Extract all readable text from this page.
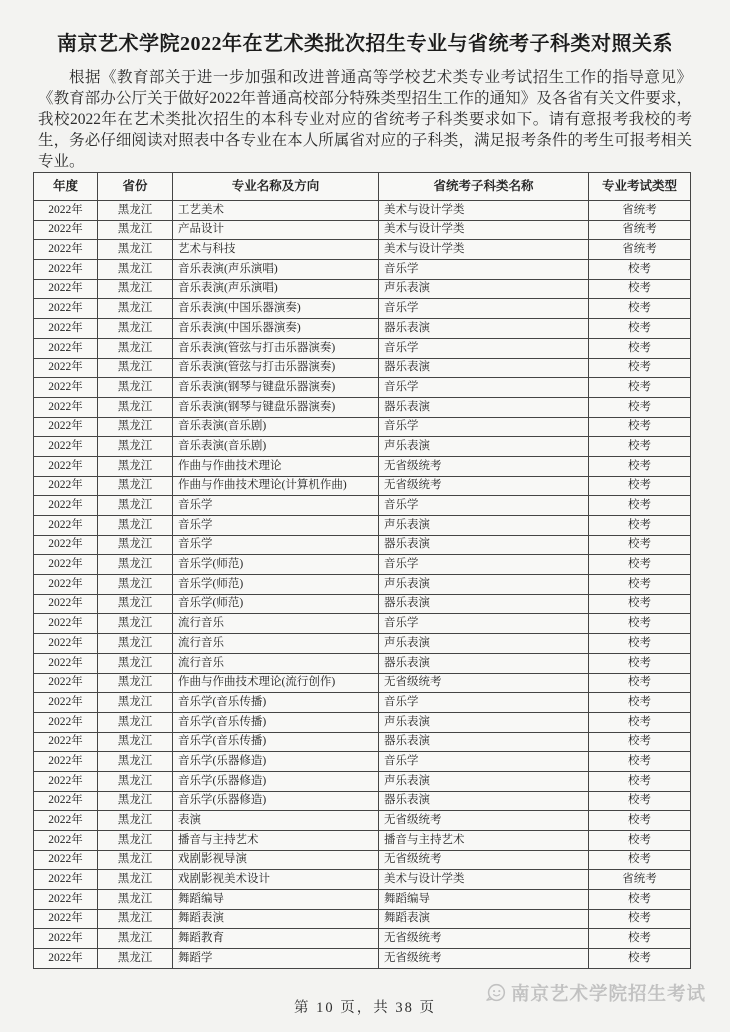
南京艺术学院2022年在艺术类批次招生专业与省统考子科类对照关系

根据《教育部关于进一步加强和改进普通高等学校艺术类专业考试招生工作的指导意见》《教育部办公厅关于做好2022年普通高校部分特殊类型招生工作的通知》及各省有关文件要求，我校2022年在艺术类批次招生的本科专业对应的省统考子科类要求如下。请有意报考我校的考生，务必仔细阅读对照表中各专业在本人所属省对应的子科类，满足报考条件的考生可报考相关专业。

年度	省份	专业名称及方向	省统考子科类名称	专业考试类型
2022年	黑龙江	工艺美术	美术与设计学类	省统考
2022年	黑龙江	产品设计	美术与设计学类	省统考
2022年	黑龙江	艺术与科技	美术与设计学类	省统考
2022年	黑龙江	音乐表演(声乐演唱)	音乐学	校考
2022年	黑龙江	音乐表演(声乐演唱)	声乐表演	校考
2022年	黑龙江	音乐表演(中国乐器演奏)	音乐学	校考
2022年	黑龙江	音乐表演(中国乐器演奏)	器乐表演	校考
2022年	黑龙江	音乐表演(管弦与打击乐器演奏)	音乐学	校考
2022年	黑龙江	音乐表演(管弦与打击乐器演奏)	器乐表演	校考
2022年	黑龙江	音乐表演(钢琴与键盘乐器演奏)	音乐学	校考
2022年	黑龙江	音乐表演(钢琴与键盘乐器演奏)	器乐表演	校考
2022年	黑龙江	音乐表演(音乐剧)	音乐学	校考
2022年	黑龙江	音乐表演(音乐剧)	声乐表演	校考
2022年	黑龙江	作曲与作曲技术理论	无省级统考	校考
2022年	黑龙江	作曲与作曲技术理论(计算机作曲)	无省级统考	校考
2022年	黑龙江	音乐学	音乐学	校考
2022年	黑龙江	音乐学	声乐表演	校考
2022年	黑龙江	音乐学	器乐表演	校考
2022年	黑龙江	音乐学(师范)	音乐学	校考
2022年	黑龙江	音乐学(师范)	声乐表演	校考
2022年	黑龙江	音乐学(师范)	器乐表演	校考
2022年	黑龙江	流行音乐	音乐学	校考
2022年	黑龙江	流行音乐	声乐表演	校考
2022年	黑龙江	流行音乐	器乐表演	校考
2022年	黑龙江	作曲与作曲技术理论(流行创作)	无省级统考	校考
2022年	黑龙江	音乐学(音乐传播)	音乐学	校考
2022年	黑龙江	音乐学(音乐传播)	声乐表演	校考
2022年	黑龙江	音乐学(音乐传播)	器乐表演	校考
2022年	黑龙江	音乐学(乐器修造)	音乐学	校考
2022年	黑龙江	音乐学(乐器修造)	声乐表演	校考
2022年	黑龙江	音乐学(乐器修造)	器乐表演	校考
2022年	黑龙江	表演	无省级统考	校考
2022年	黑龙江	播音与主持艺术	播音与主持艺术	校考
2022年	黑龙江	戏剧影视导演	无省级统考	校考
2022年	黑龙江	戏剧影视美术设计	美术与设计学类	省统考
2022年	黑龙江	舞蹈编导	舞蹈编导	校考
2022年	黑龙江	舞蹈表演	舞蹈表演	校考
2022年	黑龙江	舞蹈教育	无省级统考	校考
2022年	黑龙江	舞蹈学	无省级统考	校考
第 10 页，共 38 页
南京艺术学院招生考试
